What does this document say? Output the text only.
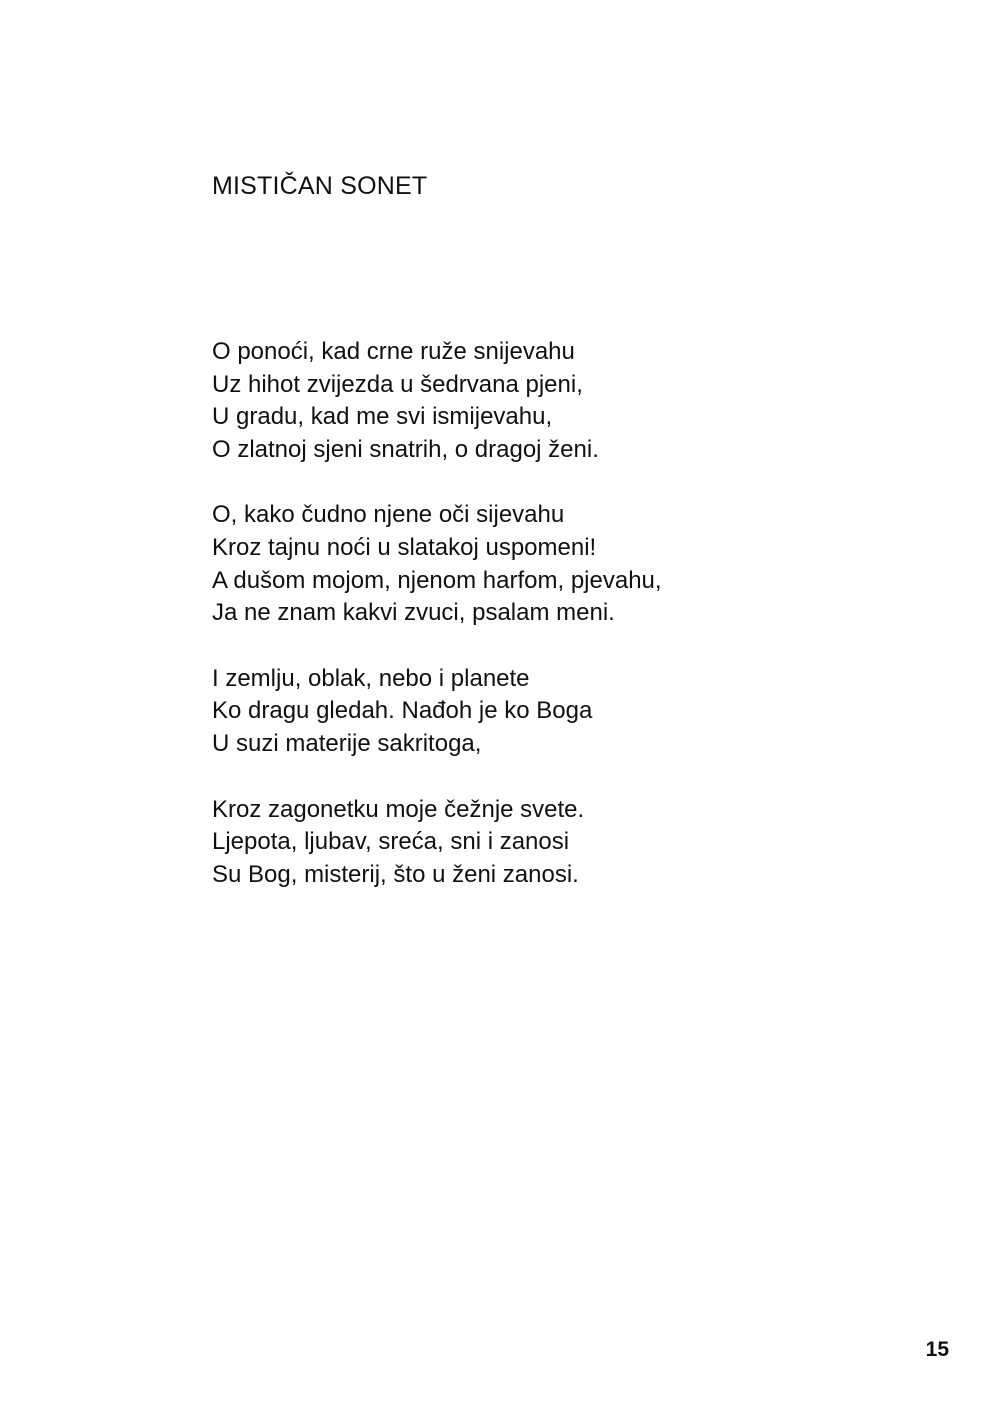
MISTIČAN SONET
O ponoći, kad crne ruže snijevahu
Uz hihot zvijezda u šedrvana pjeni,
U gradu, kad me svi ismijevahu,
O zlatnoj sjeni snatrih, o dragoj ženi.
O, kako čudno njene oči sijevahu
Kroz tajnu noći u slatakoj uspomeni!
A dušom mojom, njenom harfom, pjevahu,
Ja ne znam kakvi zvuci, psalam meni.
I zemlju, oblak, nebo i planete
Ko dragu gledah. Nađoh je ko Boga
U suzi materije sakritoga,
Kroz zagonetku moje čežnje svete.
Ljepota, ljubav, sreća, sni i zanosi
Su Bog, misterij, što u ženi zanosi.
15
